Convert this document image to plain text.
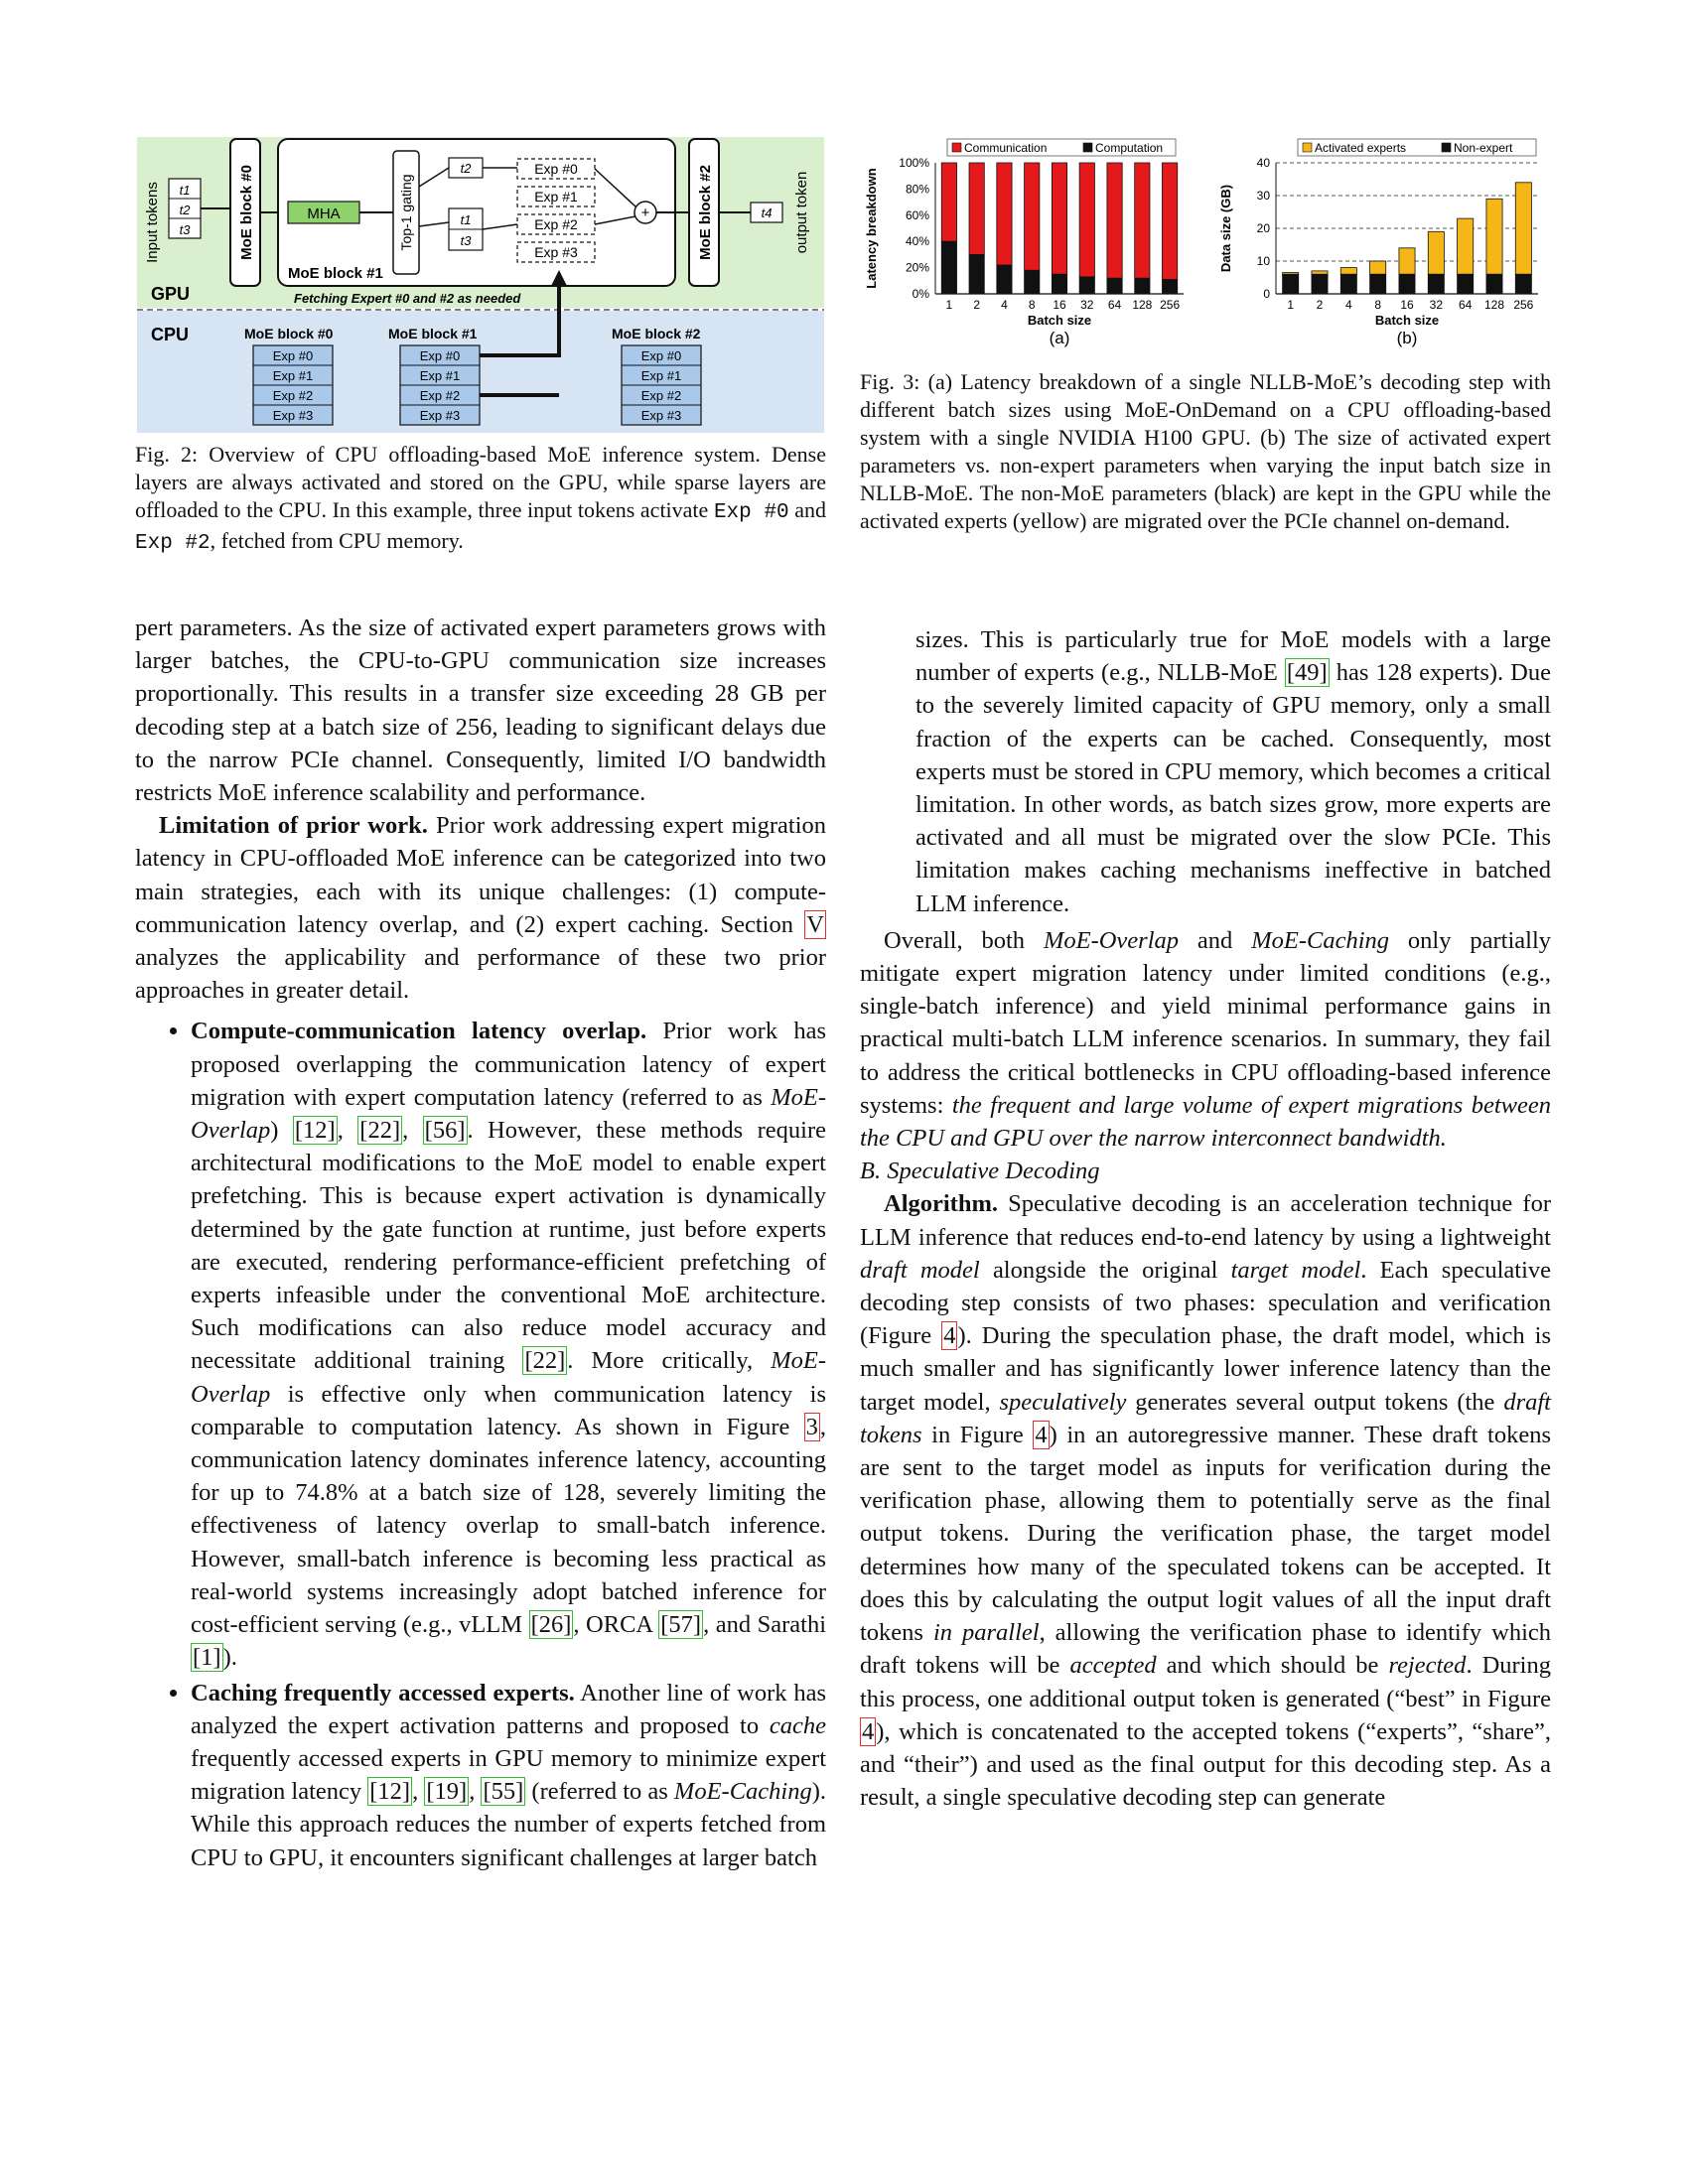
Input tokens t1
t2
t3	MoE block #0
MoE block #1
MHA	Top-1 gating
t2
t1
t3
Exp #0
Exp #1
Exp #2
Exp #3
+	MoE block #2	t4 output token
GPU	Fetching Expert #0 and #2 as needed
CPU	MoE block #0
Exp #0
Exp #1
Exp #2
Exp #3
MoE block #1
Exp #0
Exp #1
Exp #2
Exp #3
MoE block #2
Exp #0
Exp #1
Exp #2
Exp #3
Fig. 2: Overview of CPU offloading-based MoE inference system. Dense layers are always activated and stored on the GPU, while sparse layers are offloaded to the CPU. In this example, three input tokens activate Exp #0 and Exp #2, fetched from CPU memory.
1 2 4 8 16 32 64 128 256
0%
20%
40%
60%
80%
100%
Batch size
Latency breakdown
(a)
Communication	Computation
1 2 4 8 16 32 64 128 256
0
10
20
30
40
Batch size
Data size (GB)
(b)
Activated experts	Non-expert
Fig. 3: (a) Latency breakdown of a single NLLB-MoE’s decoding step with different batch sizes using MoE-OnDemand on a CPU offloading-based system with a single NVIDIA H100 GPU. (b) The size of activated expert parameters vs. non-expert parameters when varying the input batch size in NLLB-MoE. The non-MoE parameters (black) are kept in the GPU while the activated experts (yellow) are migrated over the PCIe channel on-demand.

pert parameters. As the size of activated expert parameters grows with larger batches, the CPU-to-GPU communication size increases proportionally. This results in a transfer size exceeding 28 GB per decoding step at a batch size of 256, leading to significant delays due to the narrow PCIe channel. Consequently, limited I/O bandwidth restricts MoE inference scalability and performance.

Limitation of prior work. Prior work addressing expert migration latency in CPU-offloaded MoE inference can be categorized into two main strategies, each with its unique challenges: (1) compute-communication latency overlap, and (2) expert caching. Section V analyzes the applicability and performance of these two prior approaches in greater detail.

• Compute-communication latency overlap. Prior work has proposed overlapping the communication latency of expert migration with expert computation latency (referred to as MoE-Overlap) [12], [22], [56]. However, these methods require architectural modifications to the MoE model to enable expert prefetching. This is because expert activation is dynamically determined by the gate function at runtime, just before experts are executed, rendering performance-efficient prefetching of experts infeasible under the conventional MoE architecture. Such modifications can also reduce model accuracy and necessitate additional training [22]. More critically, MoE-Overlap is effective only when communication latency is comparable to computation latency. As shown in Figure 3, communication latency dominates inference latency, accounting for up to 74.8% at a batch size of 128, severely limiting the effectiveness of latency overlap to small-batch inference. However, small-batch inference is becoming less practical as real-world systems increasingly adopt batched inference for cost-efficient serving (e.g., vLLM [26], ORCA [57], and Sarathi [1]).
• Caching frequently accessed experts. Another line of work has analyzed the expert activation patterns and proposed to cache frequently accessed experts in GPU memory to minimize expert migration latency [12], [19], [55] (referred to as MoE-Caching). While this approach reduces the number of experts fetched from CPU to GPU, it encounters significant challenges at larger batch

sizes. This is particularly true for MoE models with a large number of experts (e.g., NLLB-MoE [49] has 128 experts). Due to the severely limited capacity of GPU memory, only a small fraction of the experts can be cached. Consequently, most experts must be stored in CPU memory, which becomes a critical limitation. In other words, as batch sizes grow, more experts are activated and all must be migrated over the slow PCIe. This limitation makes caching mechanisms ineffective in batched LLM inference.

Overall, both MoE-Overlap and MoE-Caching only partially mitigate expert migration latency under limited conditions (e.g., single-batch inference) and yield minimal performance gains in practical multi-batch LLM inference scenarios. In summary, they fail to address the critical bottlenecks in CPU offloading-based inference systems: the frequent and large volume of expert migrations between the CPU and GPU over the narrow interconnect bandwidth.

B. Speculative Decoding

Algorithm. Speculative decoding is an acceleration technique for LLM inference that reduces end-to-end latency by using a lightweight draft model alongside the original target model. Each speculative decoding step consists of two phases: speculation and verification (Figure 4). During the speculation phase, the draft model, which is much smaller and has significantly lower inference latency than the target model, speculatively generates several output tokens (the draft tokens in Figure 4) in an autoregressive manner. These draft tokens are sent to the target model as inputs for verification during the verification phase, allowing them to potentially serve as the final output tokens. During the verification phase, the target model determines how many of the speculated tokens can be accepted. It does this by calculating the output logit values of all the input draft tokens in parallel, allowing the verification phase to identify which draft tokens will be accepted and which should be rejected. During this process, one additional output token is generated (“best” in Figure 4), which is concatenated to the accepted tokens (“experts”, “share”, and “their”) and used as the final output for this decoding step. As a result, a single speculative decoding step can generate
